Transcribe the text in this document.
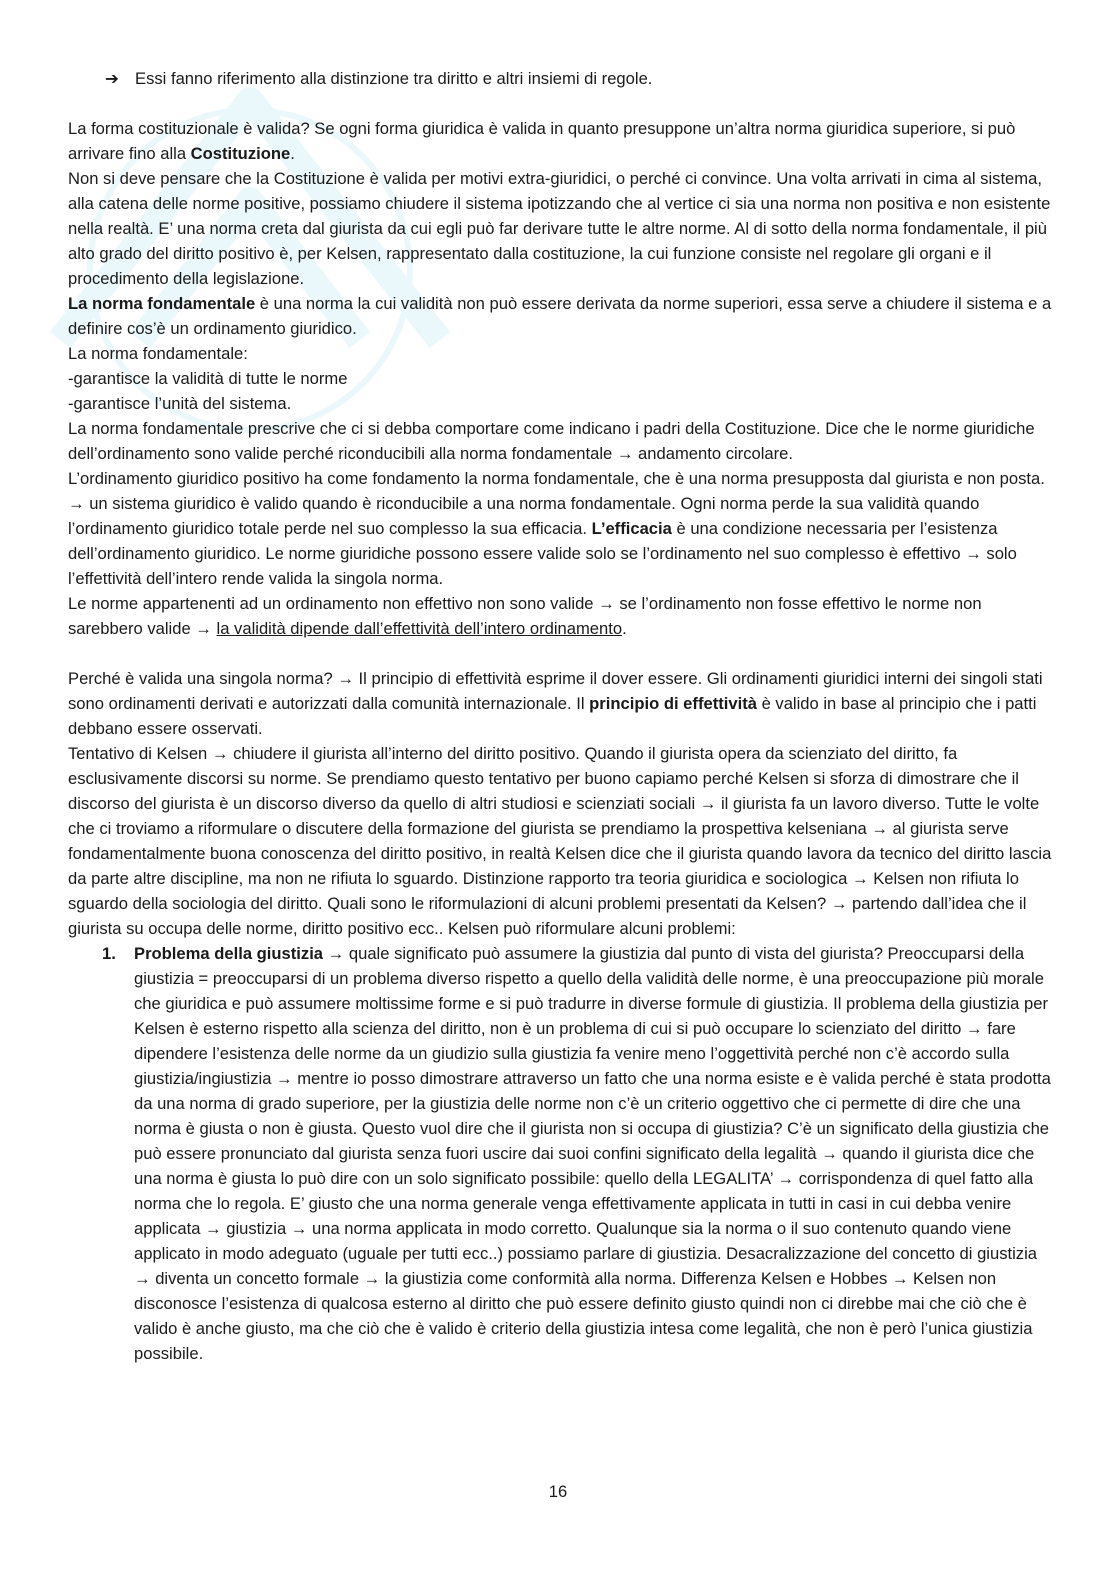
➔ Essi fanno riferimento alla distinzione tra diritto e altri insiemi di regole.

La forma costituzionale è valida? Se ogni forma giuridica è valida in quanto presuppone un’altra norma giuridica superiore, si può arrivare fino alla Costituzione.

Non si deve pensare che la Costituzione è valida per motivi extra-giuridici, o perché ci convince. Una volta arrivati in cima al sistema, alla catena delle norme positive, possiamo chiudere il sistema ipotizzando che al vertice ci sia una norma non positiva e non esistente nella realtà. E’ una norma creta dal giurista da cui egli può far derivare tutte le altre norme. Al di sotto della norma fondamentale, il più alto grado del diritto positivo è, per Kelsen, rappresentato dalla costituzione, la cui funzione consiste nel regolare gli organi e il procedimento della legislazione.

La norma fondamentale è una norma la cui validità non può essere derivata da norme superiori, essa serve a chiudere il sistema e a definire cos’è un ordinamento giuridico.

La norma fondamentale:

-garantisce la validità di tutte le norme

-garantisce l’unità del sistema.

La norma fondamentale prescrive che ci si debba comportare come indicano i padri della Costituzione. Dice che le norme giuridiche dell’ordinamento sono valide perché riconducibili alla norma fondamentale → andamento circolare.

L’ordinamento giuridico positivo ha come fondamento la norma fondamentale, che è una norma presupposta dal giurista e non posta. → un sistema giuridico è valido quando è riconducibile a una norma fondamentale. Ogni norma perde la sua validità quando l’ordinamento giuridico totale perde nel suo complesso la sua efficacia. L’efficacia è una condizione necessaria per l’esistenza dell’ordinamento giuridico. Le norme giuridiche possono essere valide solo se l’ordinamento nel suo complesso è effettivo → solo l’effettività dell’intero rende valida la singola norma.

Le norme appartenenti ad un ordinamento non effettivo non sono valide → se l’ordinamento non fosse effettivo le norme non sarebbero valide → la validità dipende dall’effettività dell’intero ordinamento.

Perché è valida una singola norma? → Il principio di effettività esprime il dover essere. Gli ordinamenti giuridici interni dei singoli stati sono ordinamenti derivati e autorizzati dalla comunità internazionale. Il principio di effettività è valido in base al principio che i patti debbano essere osservati.

Tentativo di Kelsen → chiudere il giurista all’interno del diritto positivo. Quando il giurista opera da scienziato del diritto, fa esclusivamente discorsi su norme. Se prendiamo questo tentativo per buono capiamo perché Kelsen si sforza di dimostrare che il discorso del giurista è un discorso diverso da quello di altri studiosi e scienziati sociali → il giurista fa un lavoro diverso. Tutte le volte che ci troviamo a riformulare o discutere della formazione del giurista se prendiamo la prospettiva kelseniana → al giurista serve fondamentalmente buona conoscenza del diritto positivo, in realtà Kelsen dice che il giurista quando lavora da tecnico del diritto lascia da parte altre discipline, ma non ne rifiuta lo sguardo. Distinzione rapporto tra teoria giuridica e sociologica → Kelsen non rifiuta lo sguardo della sociologia del diritto. Quali sono le riformulazioni di alcuni problemi presentati da Kelsen? → partendo dall’idea che il giurista su occupa delle norme, diritto positivo ecc.. Kelsen può riformulare alcuni problemi:

1. Problema della giustizia → quale significato può assumere la giustizia dal punto di vista del giurista? Preoccuparsi della giustizia = preoccuparsi di un problema diverso rispetto a quello della validità delle norme, è una preoccupazione più morale che giuridica e può assumere moltissime forme e si può tradurre in diverse formule di giustizia. Il problema della giustizia per Kelsen è esterno rispetto alla scienza del diritto, non è un problema di cui si può occupare lo scienziato del diritto → fare dipendere l’esistenza delle norme da un giudizio sulla giustizia fa venire meno l’oggettività perché non c’è accordo sulla giustizia/ingiustizia → mentre io posso dimostrare attraverso un fatto che una norma esiste e è valida perché è stata prodotta da una norma di grado superiore, per la giustizia delle norme non c’è un criterio oggettivo che ci permette di dire che una norma è giusta o non è giusta. Questo vuol dire che il giurista non si occupa di giustizia? C’è un significato della giustizia che può essere pronunciato dal giurista senza fuori uscire dai suoi confini significato della legalità → quando il giurista dice che una norma è giusta lo può dire con un solo significato possibile: quello della LEGALITA’ → corrispondenza di quel fatto alla norma che lo regola. E’ giusto che una norma generale venga effettivamente applicata in tutti in casi in cui debba venire applicata → giustizia → una norma applicata in modo corretto. Qualunque sia la norma o il suo contenuto quando viene applicato in modo adeguato (uguale per tutti ecc..) possiamo parlare di giustizia. Desacralizzazione del concetto di giustizia → diventa un concetto formale → la giustizia come conformità alla norma. Differenza Kelsen e Hobbes → Kelsen non disconosce l’esistenza di qualcosa esterno al diritto che può essere definito giusto quindi non ci direbbe mai che ciò che è valido è anche giusto, ma che ciò che è valido è criterio della giustizia intesa come legalità, che non è però l’unica giustizia possibile.
16
